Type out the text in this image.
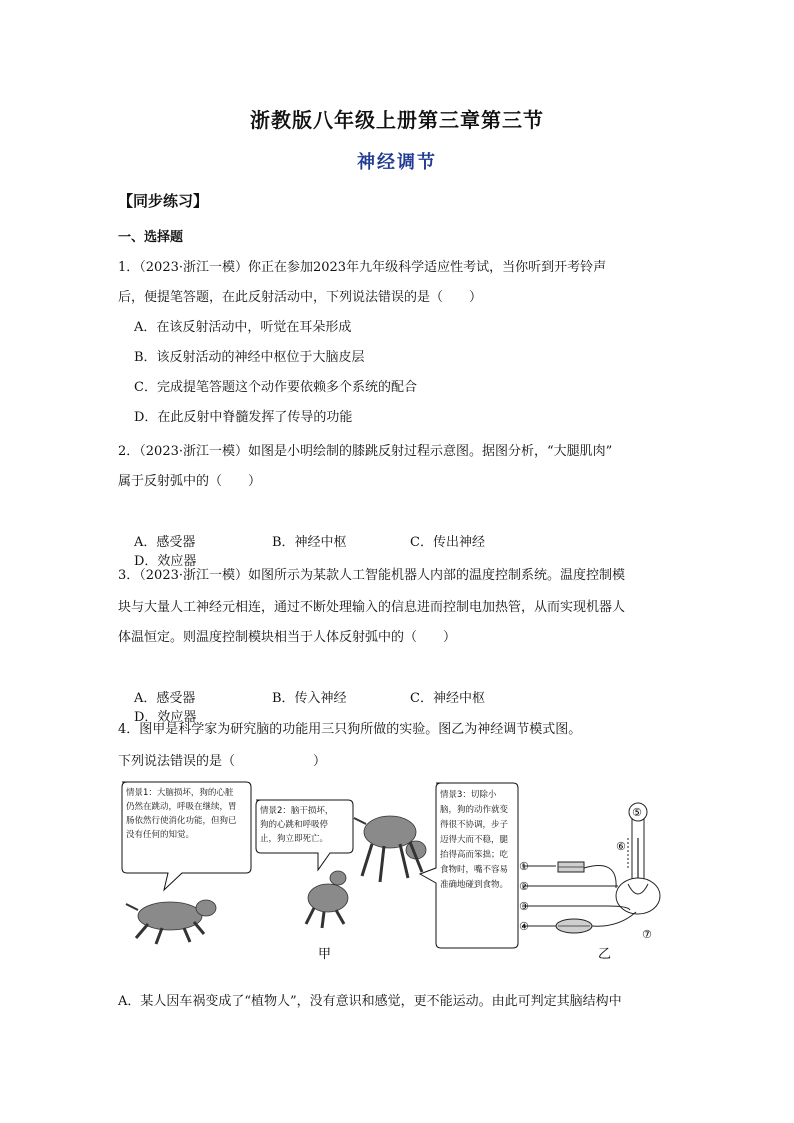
浙教版八年级上册第三章第三节
神经调节
【同步练习】
一、选择题
1．（2023·浙江一模）你正在参加2023年九年级科学适应性考试，当你听到开考铃声
后，便提笔答题，在此反射活动中，下列说法错误的是（　　）
A．在该反射活动中，听觉在耳朵形成
B．该反射活动的神经中枢位于大脑皮层
C．完成提笔答题这个动作要依赖多个系统的配合
D．在此反射中脊髓发挥了传导的功能
2．（2023·浙江一模）如图是小明绘制的膝跳反射过程示意图。据图分析，“大腿肌肉”
属于反射弧中的（　　）
A．感受器	B．神经中枢	C．传出神经D．效应器
3．（2023·浙江一模）如图所示为某款人工智能机器人内部的温度控制系统。温度控制模
块与大量人工神经元相连，通过不断处理输入的信息进而控制电加热管，从而实现机器人
体温恒定。则温度控制模块相当于人体反射弧中的（　　）
A．感受器	B．传入神经	C．神经中枢D．效应器
4．图甲是科学家为研究脑的功能用三只狗所做的实验。图乙为神经调节模式图。
下列说法错误的是（　　　　　　）
情景1：大脑损坏，狗的心脏
仍然在跳动，呼吸在继续，胃
肠依然行使消化功能，但狗已
没有任何的知觉。
情景2：脑干损坏，
狗的心跳和呼吸停
止，狗立即死亡。
情景3：切除小
脑，狗的动作就变
得很不协调，步子
迈得大而不稳，腿
抬得高而笨拙；吃
食物时，嘴不容易
准确地碰到食物。
甲
①
②
③
④
⑤
⑥
⑦
乙
A．某人因车祸变成了“植物人”，没有意识和感觉，更不能运动。由此可判定其脑结构中
